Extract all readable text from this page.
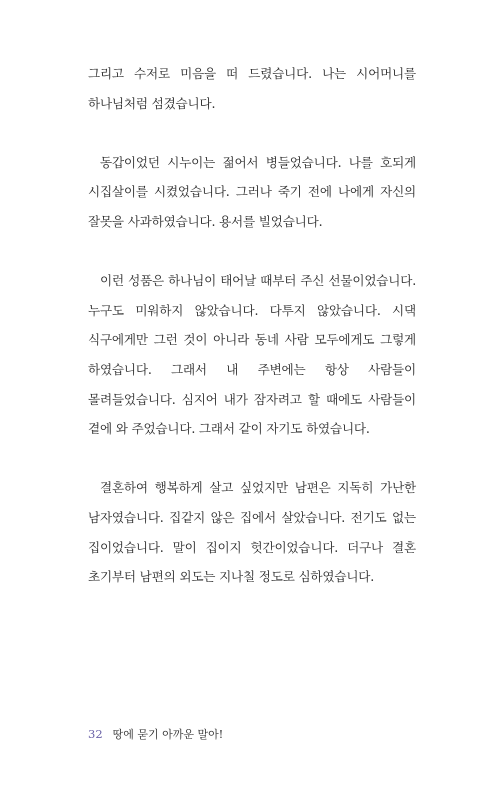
그리고 수저로 미음을 떠 드렸습니다. 나는 시어머니를 하나님처럼 섬겼습니다.

동갑이었던 시누이는 젊어서 병들었습니다. 나를 호되게 시집살이를 시켰었습니다. 그러나 죽기 전에 나에게 자신의 잘못을 사과하였습니다. 용서를 빌었습니다.

이런 성품은 하나님이 태어날 때부터 주신 선물이었습니다. 누구도 미워하지 않았습니다. 다투지 않았습니다. 시댁 식구에게만 그런 것이 아니라 동네 사람 모두에게도 그렇게 하였습니다. 그래서 내 주변에는 항상 사람들이 몰려들었습니다. 심지어 내가 잠자려고 할 때에도 사람들이 곁에 와 주었습니다. 그래서 같이 자기도 하였습니다.

결혼하여 행복하게 살고 싶었지만 남편은 지독히 가난한 남자였습니다. 집같지 않은 집에서 살았습니다. 전기도 없는 집이었습니다. 말이 집이지 헛간이었습니다. 더구나 결혼 초기부터 남편의 외도는 지나칠 정도로 심하였습니다.

32 땅에 묻기 아까운 말아!
